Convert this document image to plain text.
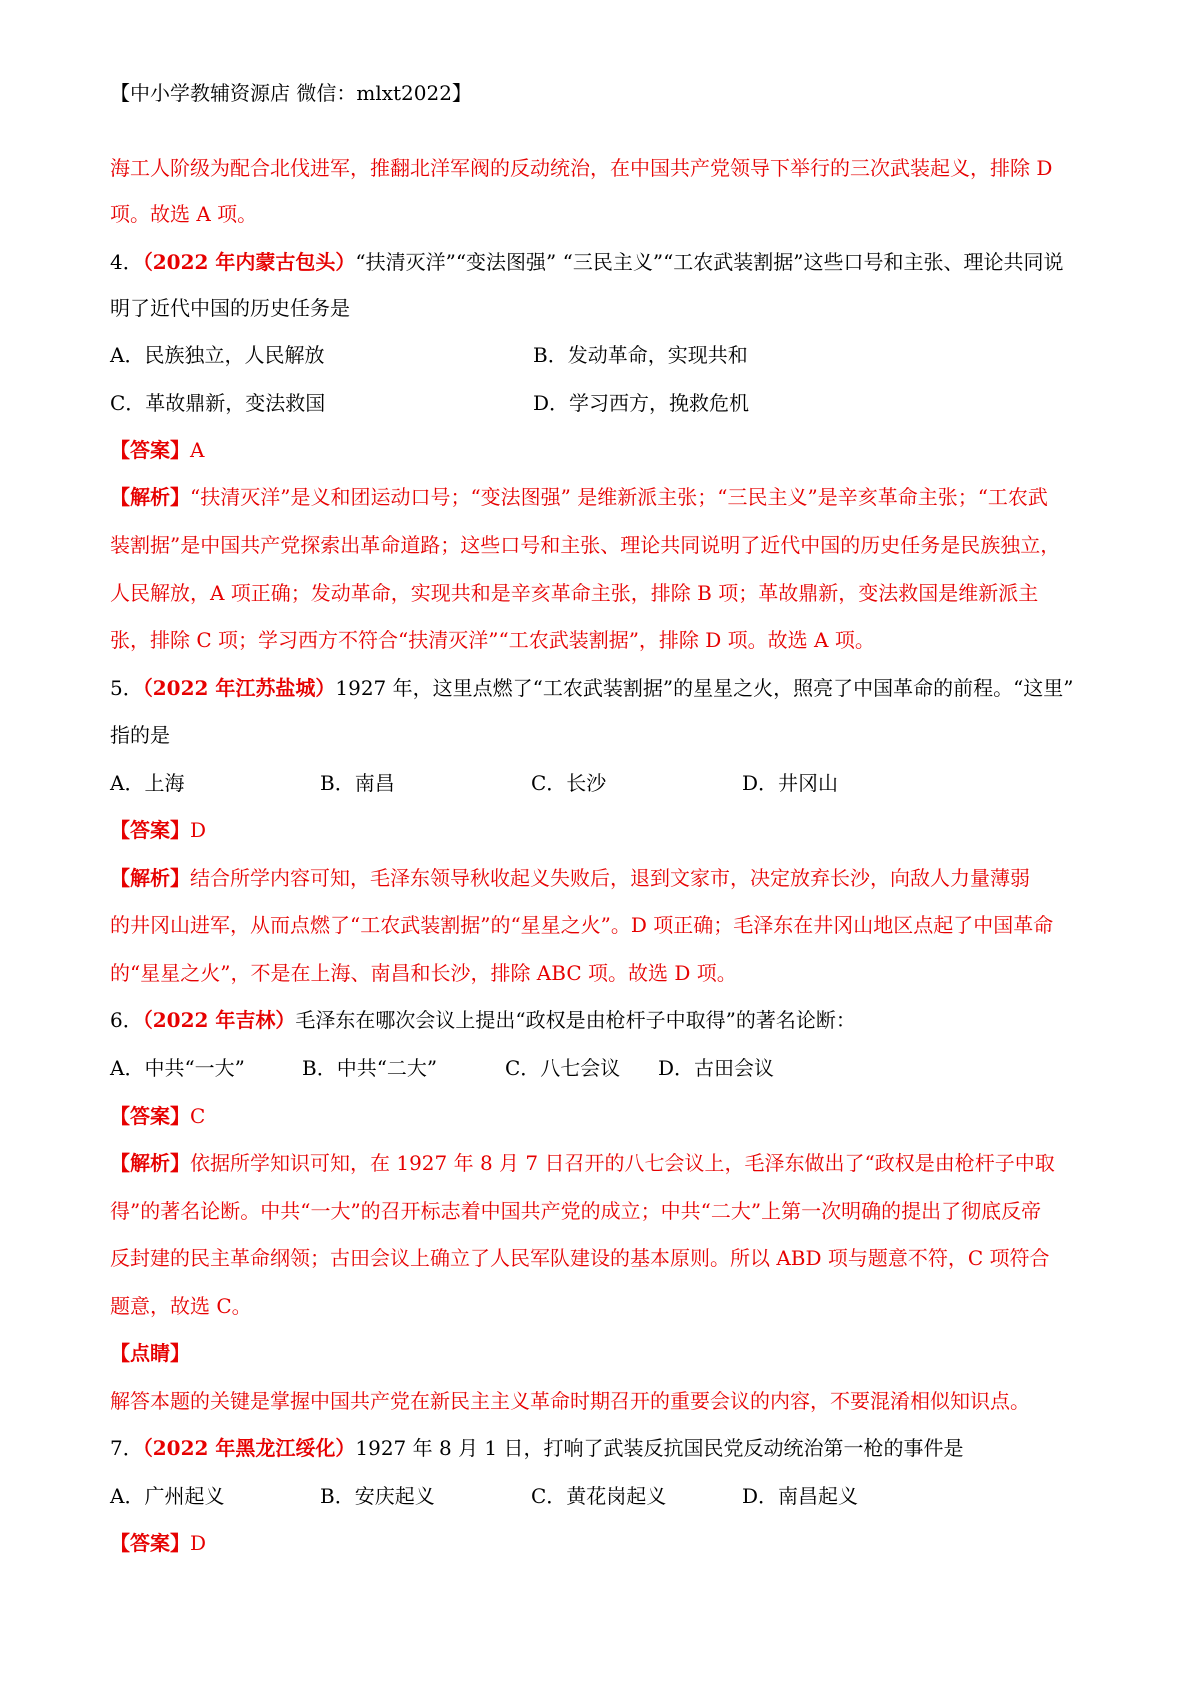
【中小学教辅资源店 微信：mlxt2022】
海工人阶级为配合北伐进军，推翻北洋军阀的反动统治，在中国共产党领导下举行的三次武装起义，排除 D
项。故选 A 项。
4．（2022 年内蒙古包头）“扶清灭洋”“变法图强” “三民主义”“工农武装割据”这些口号和主张、理论共同说
明了近代中国的历史任务是
A．民族独立，人民解放	B．发动革命，实现共和
C．革故鼎新，变法救国	D．学习西方，挽救危机
【答案】A
【解析】“扶清灭洋”是义和团运动口号；“变法图强” 是维新派主张；“三民主义”是辛亥革命主张；“工农武
装割据”是中国共产党探索出革命道路；这些口号和主张、理论共同说明了近代中国的历史任务是民族独立，
人民解放，A 项正确；发动革命，实现共和是辛亥革命主张，排除 B 项；革故鼎新，变法救国是维新派主
张，排除 C 项；学习西方不符合“扶清灭洋”“工农武装割据”，排除 D 项。故选 A 项。
5．（2022 年江苏盐城）1927 年，这里点燃了“工农武装割据”的星星之火，照亮了中国革命的前程。“这里”
指的是
A．上海	B．南昌	C．长沙	D．井冈山
【答案】D
【解析】结合所学内容可知，毛泽东领导秋收起义失败后，退到文家市，决定放弃长沙，向敌人力量薄弱
的井冈山进军，从而点燃了“工农武装割据”的“星星之火”。D 项正确；毛泽东在井冈山地区点起了中国革命
的“星星之火”，不是在上海、南昌和长沙，排除 ABC 项。故选 D 项。
6．（2022 年吉林）毛泽东在哪次会议上提出“政权是由枪杆子中取得”的著名论断：
A．中共“一大”	B．中共“二大”	C．八七会议 D．古田会议
【答案】C
【解析】依据所学知识可知，在 1927 年 8 月 7 日召开的八七会议上，毛泽东做出了“政权是由枪杆子中取
得”的著名论断。中共“一大”的召开标志着中国共产党的成立；中共“二大”上第一次明确的提出了彻底反帝
反封建的民主革命纲领；古田会议上确立了人民军队建设的基本原则。所以 ABD 项与题意不符，C 项符合
题意，故选 C。
【点睛】
解答本题的关键是掌握中国共产党在新民主主义革命时期召开的重要会议的内容，不要混淆相似知识点。
7．（2022 年黑龙江绥化）1927 年 8 月 1 日，打响了武装反抗国民党反动统治第一枪的事件是
A．广州起义	B．安庆起义	C．黄花岗起义	D．南昌起义
【答案】D
